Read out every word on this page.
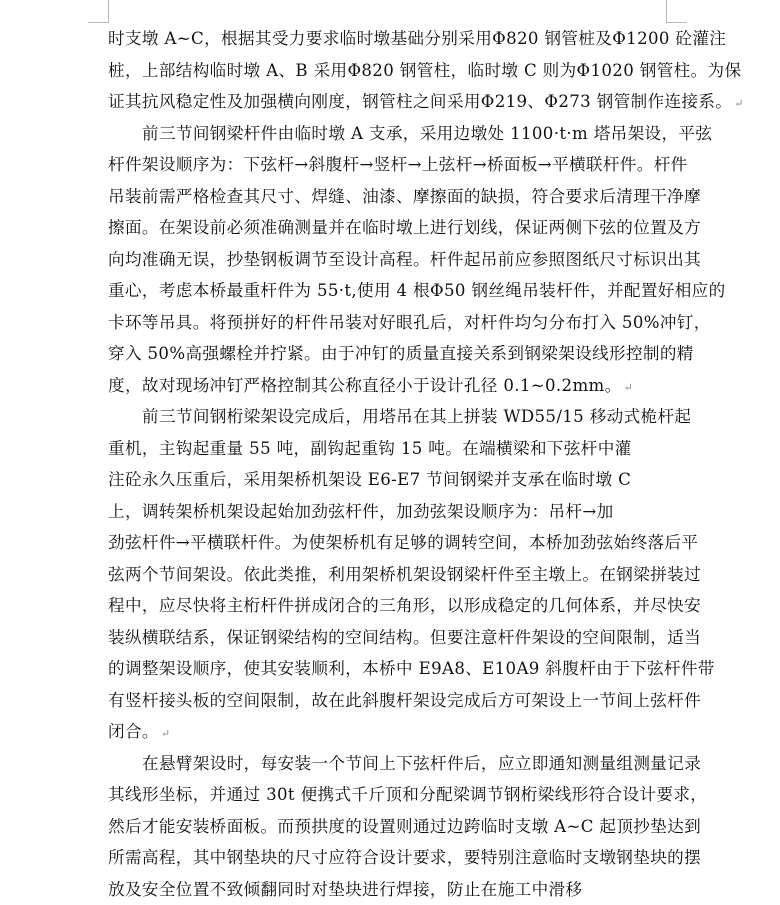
时支墩 A~C，根据其受力要求临时墩基础分别采用Φ820 钢管桩及Φ1200 砼灌注
桩，上部结构临时墩 A、B 采用Φ820 钢管柱，临时墩 C 则为Φ1020 钢管柱。为保
证其抗风稳定性及加强横向刚度，钢管柱之间采用Φ219、Φ273 钢管制作连接系。 ↵

前三节间钢梁杆件由临时墩 A 支承，采用边墩处 1100·t·m 塔吊架设，平弦
杆件架设顺序为：下弦杆→斜腹杆→竖杆→上弦杆→桥面板→平横联杆件。杆件
吊装前需严格检查其尺寸、焊缝、油漆、摩擦面的缺损，符合要求后清理干净摩
擦面。在架设前必须准确测量并在临时墩上进行划线，保证两侧下弦的位置及方
向均准确无误，抄垫钢板调节至设计高程。杆件起吊前应参照图纸尺寸标识出其
重心，考虑本桥最重杆件为 55·t,使用 4 根Φ50 钢丝绳吊装杆件，并配置好相应的
卡环等吊具。将预拼好的杆件吊装对好眼孔后，对杆件均匀分布打入 50%冲钉，
穿入 50%高强螺栓并拧紧。由于冲钉的质量直接关系到钢梁架设线形控制的精
度，故对现场冲钉严格控制其公称直径小于设计孔径 0.1~0.2mm。 ↵

前三节间钢桁梁架设完成后，用塔吊在其上拼装 WD55/15 移动式桅杆起
重机，主钩起重量 55 吨，副钩起重钩 15 吨。在端横梁和下弦杆中灌
注砼永久压重后，采用架桥机架设 E6-E7 节间钢梁并支承在临时墩 C
上，调转架桥机架设起始加劲弦杆件，加劲弦架设顺序为：吊杆→加
劲弦杆件→平横联杆件。为使架桥机有足够的调转空间，本桥加劲弦始终落后平
弦两个节间架设。依此类推，利用架桥机架设钢梁杆件至主墩上。在钢梁拼装过
程中，应尽快将主桁杆件拼成闭合的三角形，以形成稳定的几何体系，并尽快安
装纵横联结系，保证钢梁结构的空间结构。但要注意杆件架设的空间限制，适当
的调整架设顺序，使其安装顺利，本桥中 E9A8、E10A9 斜腹杆由于下弦杆件带
有竖杆接头板的空间限制，故在此斜腹杆架设完成后方可架设上一节间上弦杆件
闭合。 ↵

在悬臂架设时，每安装一个节间上下弦杆件后，应立即通知测量组测量记录
其线形坐标，并通过 30t 便携式千斤顶和分配梁调节钢桁梁线形符合设计要求，
然后才能安装桥面板。而预拱度的设置则通过边跨临时支墩 A~C 起顶抄垫达到
所需高程，其中钢垫块的尺寸应符合设计要求，要特别注意临时支墩钢垫块的摆
放及安全位置不致倾翻同时对垫块进行焊接，防止在施工中滑移
